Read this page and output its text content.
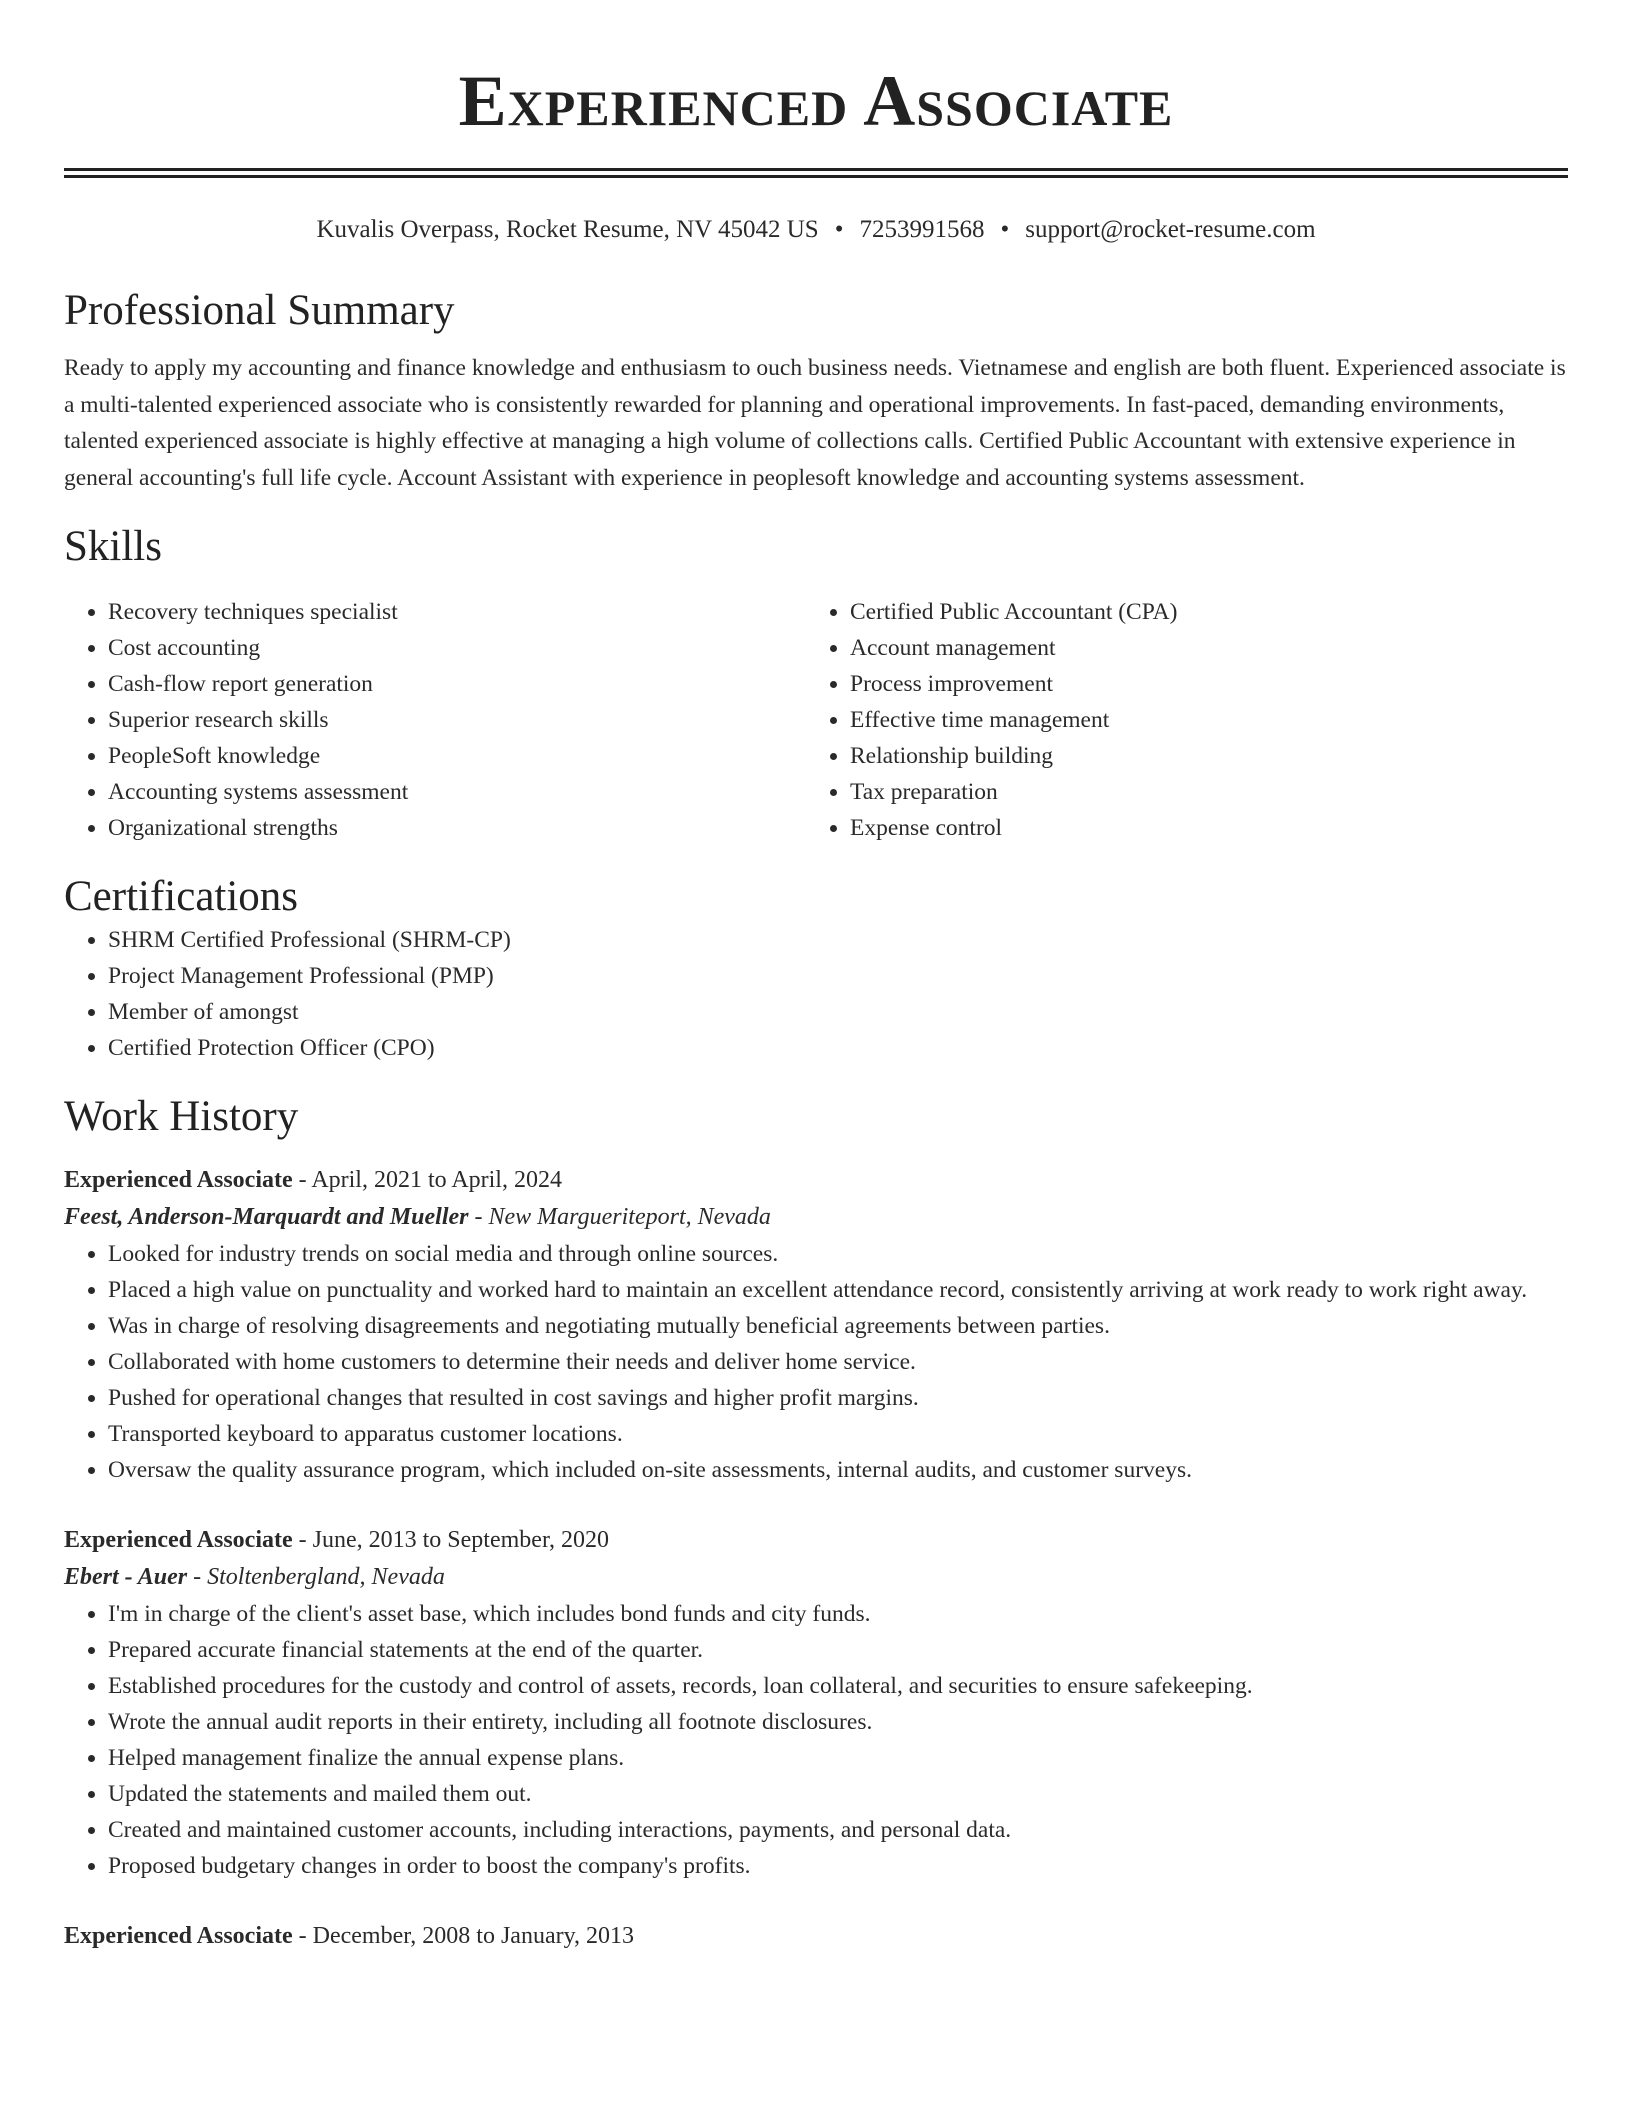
Experienced Associate
Kuvalis Overpass, Rocket Resume, NV 45042 US • 7253991568 • support@rocket-resume.com
Professional Summary

Ready to apply my accounting and finance knowledge and enthusiasm to ouch business needs. Vietnamese and english are both fluent. Experienced associate is a multi-talented experienced associate who is consistently rewarded for planning and operational improvements. In fast-paced, demanding environments, talented experienced associate is highly effective at managing a high volume of collections calls. Certified Public Accountant with extensive experience in general accounting's full life cycle. Account Assistant with experience in peoplesoft knowledge and accounting systems assessment.

Skills
• Recovery techniques specialist
• Cost accounting
• Cash-flow report generation
• Superior research skills
• PeopleSoft knowledge
• Accounting systems assessment
• Organizational strengths
• Certified Public Accountant (CPA)
• Account management
• Process improvement
• Effective time management
• Relationship building
• Tax preparation
• Expense control
Certifications
• SHRM Certified Professional (SHRM-CP)
• Project Management Professional (PMP)
• Member of amongst
• Certified Protection Officer (CPO)
Work History
Experienced Associate - April, 2021 to April, 2024
Feest, Anderson-Marquardt and Mueller - New Margueriteport, Nevada
• Looked for industry trends on social media and through online sources.
• Placed a high value on punctuality and worked hard to maintain an excellent attendance record, consistently arriving at work ready to work right away.
• Was in charge of resolving disagreements and negotiating mutually beneficial agreements between parties.
• Collaborated with home customers to determine their needs and deliver home service.
• Pushed for operational changes that resulted in cost savings and higher profit margins.
• Transported keyboard to apparatus customer locations.
• Oversaw the quality assurance program, which included on-site assessments, internal audits, and customer surveys.
Experienced Associate - June, 2013 to September, 2020
Ebert - Auer - Stoltenbergland, Nevada
• I'm in charge of the client's asset base, which includes bond funds and city funds.
• Prepared accurate financial statements at the end of the quarter.
• Established procedures for the custody and control of assets, records, loan collateral, and securities to ensure safekeeping.
• Wrote the annual audit reports in their entirety, including all footnote disclosures.
• Helped management finalize the annual expense plans.
• Updated the statements and mailed them out.
• Created and maintained customer accounts, including interactions, payments, and personal data.
• Proposed budgetary changes in order to boost the company's profits.
Experienced Associate - December, 2008 to January, 2013
